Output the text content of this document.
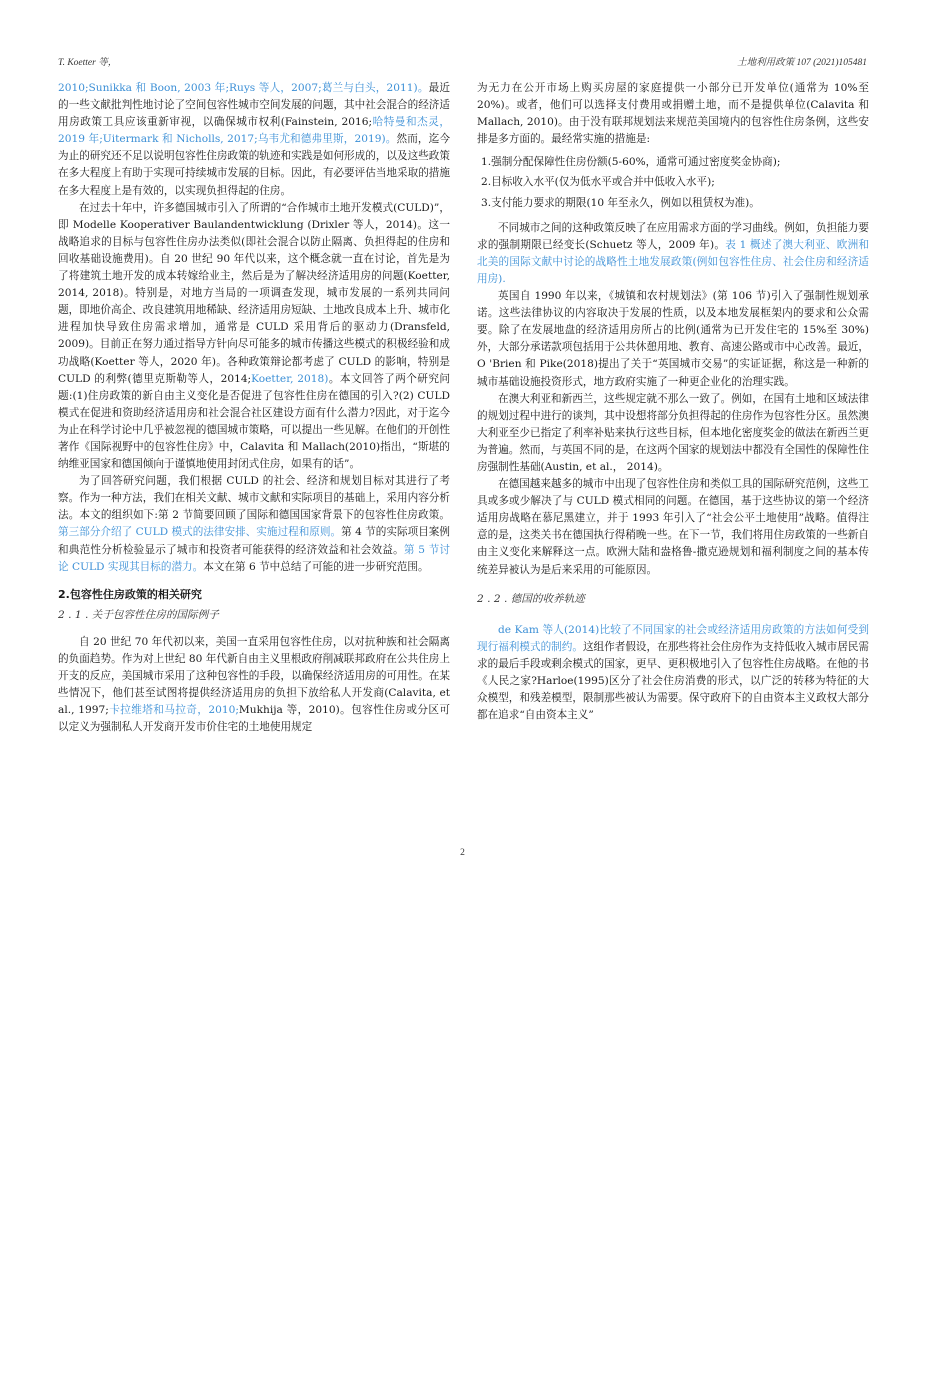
T. Koetter 等，	土地利用政策 107 (2021)105481

2010;Sunikka 和 Boon, 2003 年;Ruys 等人，2007;葛兰与白头，2011)。最近的一些文献批判性地讨论了空间包容性城市空间发展的问题，其中社会混合的经济适用房政策工具应该重新审视，以确保城市权利(Fainstein, 2016;哈特曼和杰灵，2019 年;Uitermark 和 Nicholls, 2017;乌韦尤和德弗里斯，2019)。然而，迄今为止的研究还不足以说明包容性住房政策的轨迹和实践是如何形成的，以及这些政策在多大程度上有助于实现可持续城市发展的目标。因此，有必要评估当地采取的措施在多大程度上是有效的，以实现负担得起的住房。

在过去十年中，许多德国城市引入了所谓的“合作城市土地开发模式(CULD)”，即 Modelle Kooperativer Baulandentwicklung (Drixler 等人，2014)。这一战略追求的目标与包容性住房办法类似(即社会混合以防止隔离、负担得起的住房和回收基础设施费用)。自 20 世纪 90 年代以来，这个概念就一直在讨论，首先是为了将建筑土地开发的成本转嫁给业主，然后是为了解决经济适用房的问题(Koetter, 2014, 2018)。特别是，对地方当局的一项调查发现，城市发展的一系列共同问题，即地价高企、改良建筑用地稀缺、经济适用房短缺、土地改良成本上升、城市化进程加快导致住房需求增加，通常是 CULD 采用背后的驱动力(Dransfeld, 2009)。目前正在努力通过指导方针向尽可能多的城市传播这些模式的积极经验和成功战略(Koetter 等人，2020 年)。各种政策辩论都考虑了 CULD 的影响，特别是 CULD 的利弊(德里克斯勒等人，2014;Koetter, 2018)。本文回答了两个研究问题:(1)住房政策的新自由主义变化是否促进了包容性住房在德国的引入?(2) CULD 模式在促进和资助经济适用房和社会混合社区建设方面有什么潜力?因此，对于迄今为止在科学讨论中几乎被忽视的德国城市策略，可以提出一些见解。在他们的开创性著作《国际视野中的包容性住房》中，Calavita 和 Mallach(2010)指出，“斯堪的纳维亚国家和德国倾向于谨慎地使用封闭式住房，如果有的话”。

为了回答研究问题，我们根据 CULD 的社会、经济和规划目标对其进行了考察。作为一种方法，我们在相关文献、城市文献和实际项目的基础上，采用内容分析法。本文的组织如下:第 2 节简要回顾了国际和德国国家背景下的包容性住房政策。第三部分介绍了 CULD 模式的法律安排、实施过程和原则。第 4 节的实际项目案例和典范性分析检验显示了城市和投资者可能获得的经济效益和社会效益。第 5 节讨论 CULD 实现其目标的潜力。本文在第 6 节中总结了可能的进一步研究范围。

2.包容性住房政策的相关研究
2 . 1 . 关于包容性住房的国际例子

自 20 世纪 70 年代初以来，美国一直采用包容性住房，以对抗种族和社会隔离的负面趋势。作为对上世纪 80 年代新自由主义里根政府削减联邦政府在公共住房上开支的反应，美国城市采用了这种包容性的手段，以确保经济适用房的可用性。在某些情况下，他们甚至试图将提供经济适用房的负担下放给私人开发商(Calavita, et al., 1997;卡拉维塔和马拉奇，2010;Mukhija 等，2010)。包容性住房或分区可以定义为强制私人开发商开发市价住宅的土地使用规定

为无力在公开市场上购买房屋的家庭提供一小部分已开发单位(通常为 10%至 20%)。或者，他们可以选择支付费用或捐赠土地，而不是提供单位(Calavita 和 Mallach, 2010)。由于没有联邦规划法来规范美国境内的包容性住房条例，这些安排是多方面的。最经常实施的措施是:

1.强制分配保障性住房份额(5-60%，通常可通过密度奖金协商);
2.目标收入水平(仅为低水平或合并中低收入水平);
3.支付能力要求的期限(10 年至永久，例如以租赁权为准)。

不同城市之间的这种政策反映了在应用需求方面的学习曲线。例如，负担能力要求的强制期限已经变长(Schuetz 等人，2009 年)。表 1 概述了澳大利亚、欧洲和北美的国际文献中讨论的战略性土地发展政策(例如包容性住房、社会住房和经济适用房).

英国自 1990 年以来，《城镇和农村规划法》(第 106 节)引入了强制性规划承诺。这些法律协议的内容取决于发展的性质，以及本地发展框架内的要求和公众需要。除了在发展地盘的经济适用房所占的比例(通常为已开发住宅的 15%至 30%)外，大部分承诺款项包括用于公共休憩用地、教育、高速公路或市中心改善。最近，O 'Brien 和 Pike(2018)提出了关于“英国城市交易”的实证证据，称这是一种新的城市基础设施投资形式，地方政府实施了一种更企业化的治理实践。

在澳大利亚和新西兰，这些规定就不那么一致了。例如，在国有土地和区域法律的规划过程中进行的谈判，其中设想将部分负担得起的住房作为包容性分区。虽然澳大利亚至少已指定了利率补贴来执行这些目标，但本地化密度奖金的做法在新西兰更为普遍。然而，与英国不同的是，在这两个国家的规划法中都没有全国性的保障性住房强制性基础(Austin, et al.， 2014)。

在德国越来越多的城市中出现了包容性住房和类似工具的国际研究范例，这些工具或多或少解决了与 CULD 模式相同的问题。在德国，基于这些协议的第一个经济适用房战略在慕尼黑建立，并于 1993 年引入了“社会公平土地使用”战略。值得注意的是，这类关书在德国执行得稍晚一些。在下一节，我们将用住房政策的一些新自由主义变化来解释这一点。欧洲大陆和盎格鲁-撒克逊规划和福利制度之间的基本传统差异被认为是后来采用的可能原因。

2 . 2 . 德国的收养轨迹

de Kam 等人(2014)比较了不同国家的社会或经济适用房政策的方法如何受到现行福利模式的制约。这组作者假设，在那些将社会住房作为支持低收入城市居民需求的最后手段或剩余模式的国家，更早、更积极地引入了包容性住房战略。在他的书《人民之家?Harloe(1995)区分了社会住房消费的形式，以广泛的转移为特征的大众模型，和残差模型，限制那些被认为需要。保守政府下的自由资本主义政权大部分都在追求“自由资本主义”

2
